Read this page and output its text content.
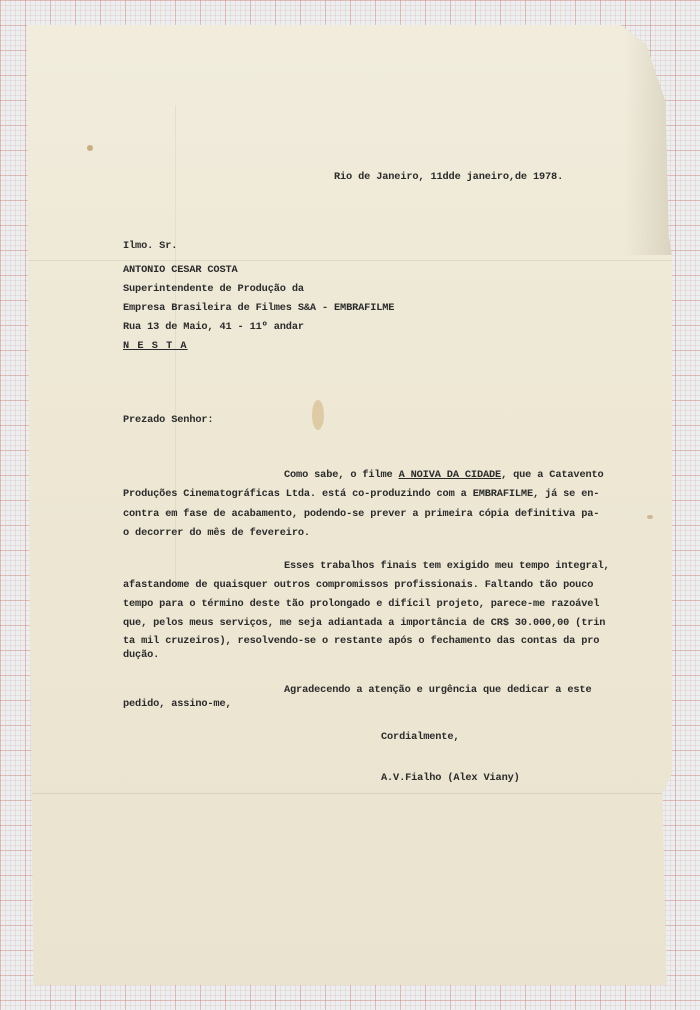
Rio de Janeiro, 11dde janeiro,de 1978.

Ilmo. Sr.

ANTONIO CESAR COSTA

Superintendente de Produção da

Empresa Brasileira de Filmes S&A - EMBRAFILME

Rua 13 de Maio, 41 - 11º andar

N E S T A

Prezado Senhor:

Como sabe, o filme A NOIVA DA CIDADE, que a Catavento

Produções Cinematográficas Ltda. está co-produzindo com a EMBRAFILME, já se en-

contra em fase de acabamento, podendo-se prever a primeira cópia definitiva pa-

o decorrer do mês de fevereiro.

Esses trabalhos finais tem exigido meu tempo integral,

afastandome de quaisquer outros compromissos profissionais. Faltando tão pouco

tempo para o término deste tão prolongado e difícil projeto, parece-me razoável

que, pelos meus serviços, me seja adiantada a importância de CR$ 30.000,00 (trin

ta mil cruzeiros), resolvendo-se o restante após o fechamento das contas da pro

dução.

Agradecendo a atenção e urgência que dedicar a este

pedido, assino-me,

Cordialmente,

A.V.Fialho (Alex Viany)
